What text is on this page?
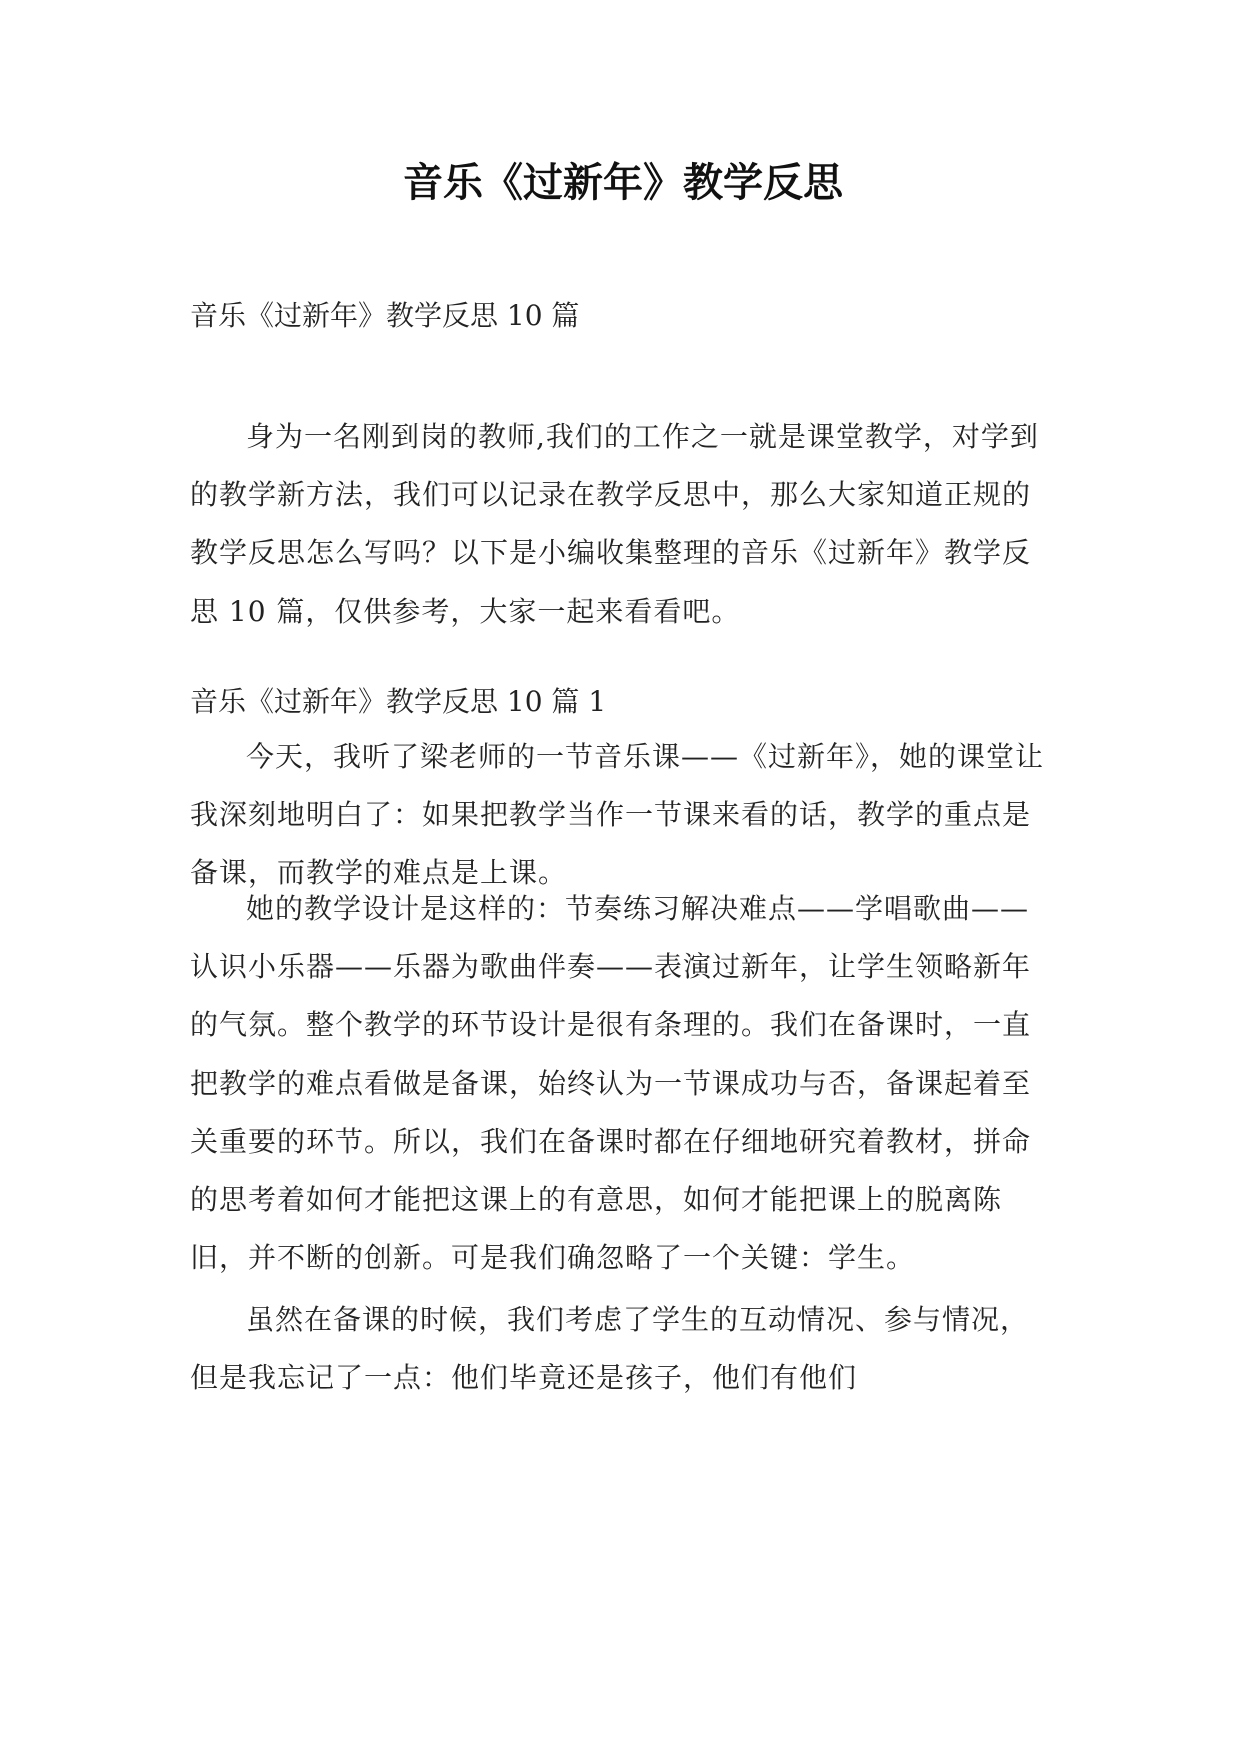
音乐《过新年》教学反思

音乐《过新年》教学反思 10 篇

身为一名刚到岗的教师,我们的工作之一就是课堂教学，对学到的教学新方法，我们可以记录在教学反思中，那么大家知道正规的教学反思怎么写吗？以下是小编收集整理的音乐《过新年》教学反思 10 篇，仅供参考，大家一起来看看吧。

音乐《过新年》教学反思 10 篇 1

今天，我听了梁老师的一节音乐课——《过新年》，她的课堂让我深刻地明白了：如果把教学当作一节课来看的话，教学的重点是备课，而教学的难点是上课。

她的教学设计是这样的：节奏练习解决难点——学唱歌曲——认识小乐器——乐器为歌曲伴奏——表演过新年，让学生领略新年的气氛。整个教学的环节设计是很有条理的。我们在备课时，一直把教学的难点看做是备课，始终认为一节课成功与否，备课起着至关重要的环节。所以，我们在备课时都在仔细地研究着教材，拼命的思考着如何才能把这课上的有意思，如何才能把课上的脱离陈旧，并不断的创新。可是我们确忽略了一个关键：学生。

虽然在备课的时候，我们考虑了学生的互动情况、参与情况，但是我忘记了一点：他们毕竟还是孩子，他们有他们
